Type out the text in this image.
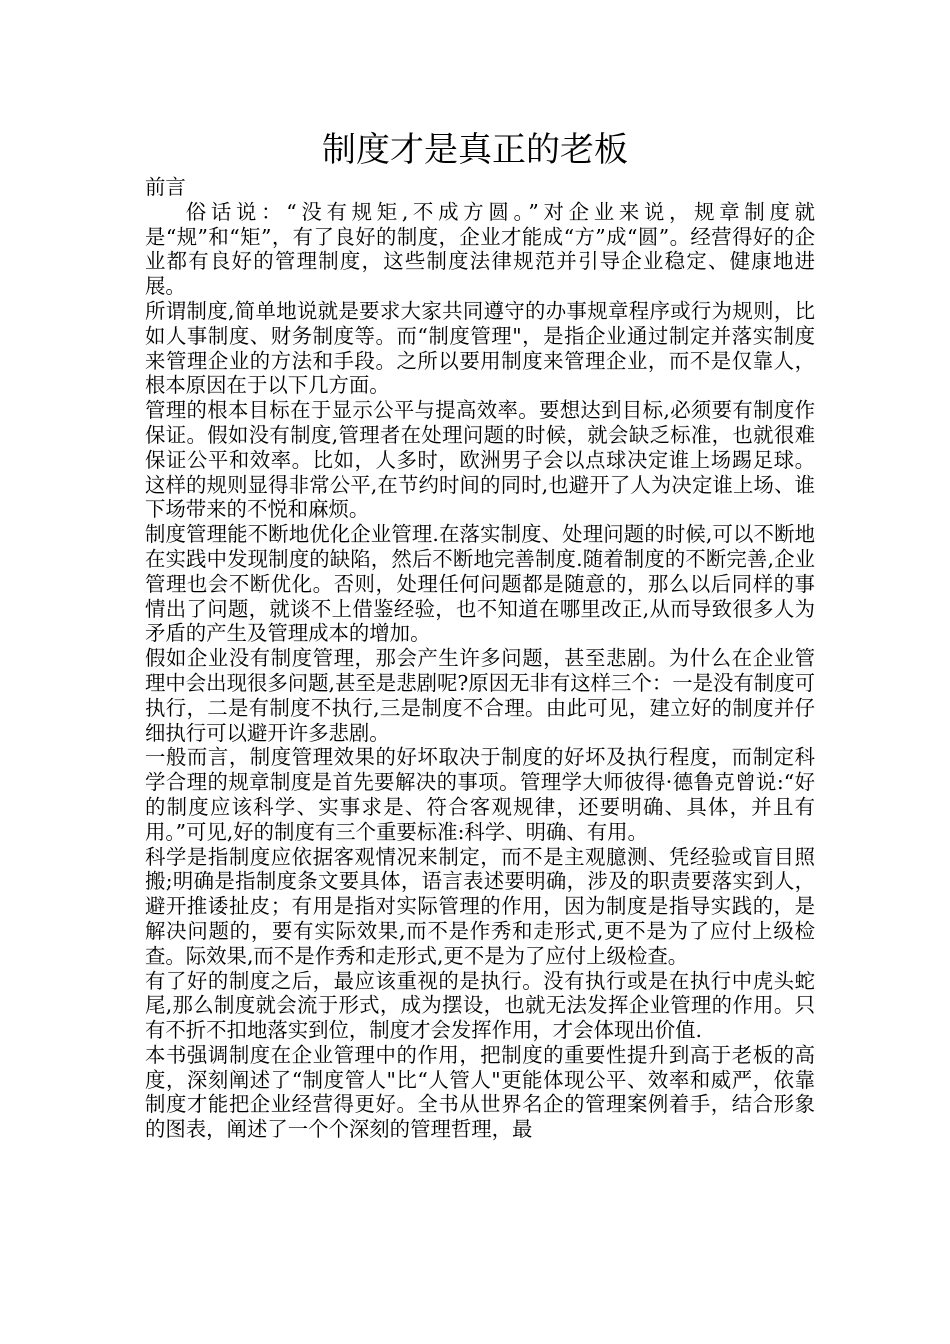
制度才是真正的老板

前言

俗话说：“没有规矩,不成方圆。”对企业来说，规章制度就是“规”和“矩”，有了良好的制度，企业才能成“方”成“圆”。经营得好的企业都有良好的管理制度，这些制度法律规范并引导企业稳定、健康地进展。

所谓制度,简单地说就是要求大家共同遵守的办事规章程序或行为规则，比如人事制度、财务制度等。而“制度管理"，是指企业通过制定并落实制度来管理企业的方法和手段。之所以要用制度来管理企业，而不是仅靠人，根本原因在于以下几方面。

管理的根本目标在于显示公平与提高效率。要想达到目标,必须要有制度作保证。假如没有制度,管理者在处理问题的时候，就会缺乏标准，也就很难保证公平和效率。比如，人多时，欧洲男子会以点球决定谁上场踢足球。这样的规则显得非常公平,在节约时间的同时,也避开了人为决定谁上场、谁下场带来的不悦和麻烦。

制度管理能不断地优化企业管理.在落实制度、处理问题的时候,可以不断地在实践中发现制度的缺陷，然后不断地完善制度.随着制度的不断完善,企业管理也会不断优化。否则，处理任何问题都是随意的，那么以后同样的事情出了问题，就谈不上借鉴经验，也不知道在哪里改正,从而导致很多人为矛盾的产生及管理成本的增加。

假如企业没有制度管理，那会产生许多问题，甚至悲剧。为什么在企业管理中会出现很多问题,甚至是悲剧呢?原因无非有这样三个：一是没有制度可执行，二是有制度不执行,三是制度不合理。由此可见，建立好的制度并仔细执行可以避开许多悲剧。

一般而言，制度管理效果的好坏取决于制度的好坏及执行程度，而制定科学合理的规章制度是首先要解决的事项。管理学大师彼得·德鲁克曾说:“好的制度应该科学、实事求是、符合客观规律，还要明确、具体，并且有用。”可见,好的制度有三个重要标准:科学、明确、有用。

科学是指制度应依据客观情况来制定，而不是主观臆测、凭经验或盲目照搬;明确是指制度条文要具体，语言表述要明确，涉及的职责要落实到人，避开推诿扯皮；有用是指对实际管理的作用，因为制度是指导实践的，是解决问题的，要有实际效果,而不是作秀和走形式,更不是为了应付上级检查。际效果,而不是作秀和走形式,更不是为了应付上级检查。

有了好的制度之后，最应该重视的是执行。没有执行或是在执行中虎头蛇尾,那么制度就会流于形式，成为摆设，也就无法发挥企业管理的作用。只有不折不扣地落实到位，制度才会发挥作用，才会体现出价值.

本书强调制度在企业管理中的作用，把制度的重要性提升到高于老板的高度，深刻阐述了“制度管人"比“人管人"更能体现公平、效率和威严，依靠制度才能把企业经营得更好。全书从世界名企的管理案例着手，结合形象的图表，阐述了一个个深刻的管理哲理，最
